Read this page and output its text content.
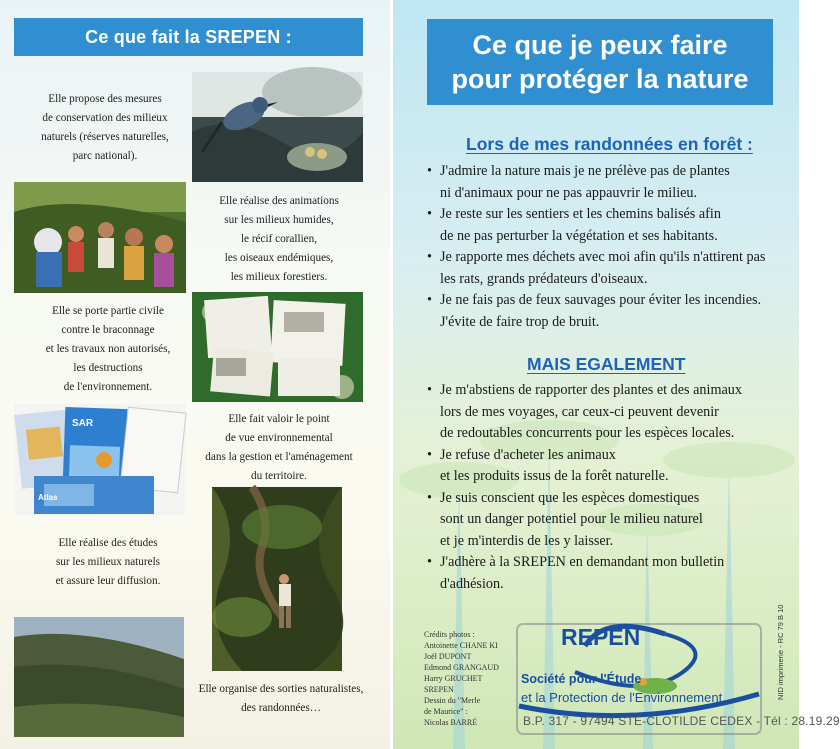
Ce que fait la SREPEN :
Elle propose des mesures
de conservation des milieux
naturels (réserves naturelles,
parc national).
Elle réalise des animations
sur les milieux humides,
le récif corallien,
les oiseaux endémiques,
les milieux forestiers.
Elle se porte partie civile
contre le braconnage
et les travaux non autorisés,
les destructions
de l'environnement.
SAR
Atlas
Elle fait valoir le point
de vue environnemental
dans la gestion et l'aménagement
du territoire.
Elle réalise des études
sur les milieux naturels
et assure leur diffusion.
Elle organise des sorties naturalistes,
des randonnées…
Ce que je peux faire
pour protéger la nature
Lors de mes randonnées en forêt :
• J'admire la nature mais je ne prélève pas de plantes
ni d'animaux pour ne pas appauvrir le milieu.
• Je reste sur les sentiers et les chemins balisés afin
de ne pas perturber la végétation et ses habitants.
• Je rapporte mes déchets avec moi afin qu'ils n'attirent pas
les rats, grands prédateurs d'oiseaux.
• Je ne fais pas de feux sauvages pour éviter les incendies.
J'évite de faire trop de bruit.
MAIS EGALEMENT
• Je m'abstiens de rapporter des plantes et des animaux
lors de mes voyages, car ceux-ci peuvent devenir
de redoutables concurrents pour les espèces locales.
• Je refuse d'acheter les animaux
et les produits issus de la forêt naturelle.
• Je suis conscient que les espèces domestiques
sont un danger potentiel pour le milieu naturel
et je m'interdis de les y laisser.
• J'adhère à la SREPEN en demandant mon bulletin
d'adhésion.
Crédits photos :
Antoinette CHANE KI
Joël DUPONT
Edmond GRANGAUD
Harry GRUCHET
SREPEN
Dessin du "Merle
de Maurice" :
Nicolas BARRÉ
REPEN
Société pour l'Étude
et la Protection de l'Environnement
B.P. 317 - 97494 STE-CLOTILDE CEDEX - Tél : 28.19.29
NID imprimerie - RC 79 B 10
